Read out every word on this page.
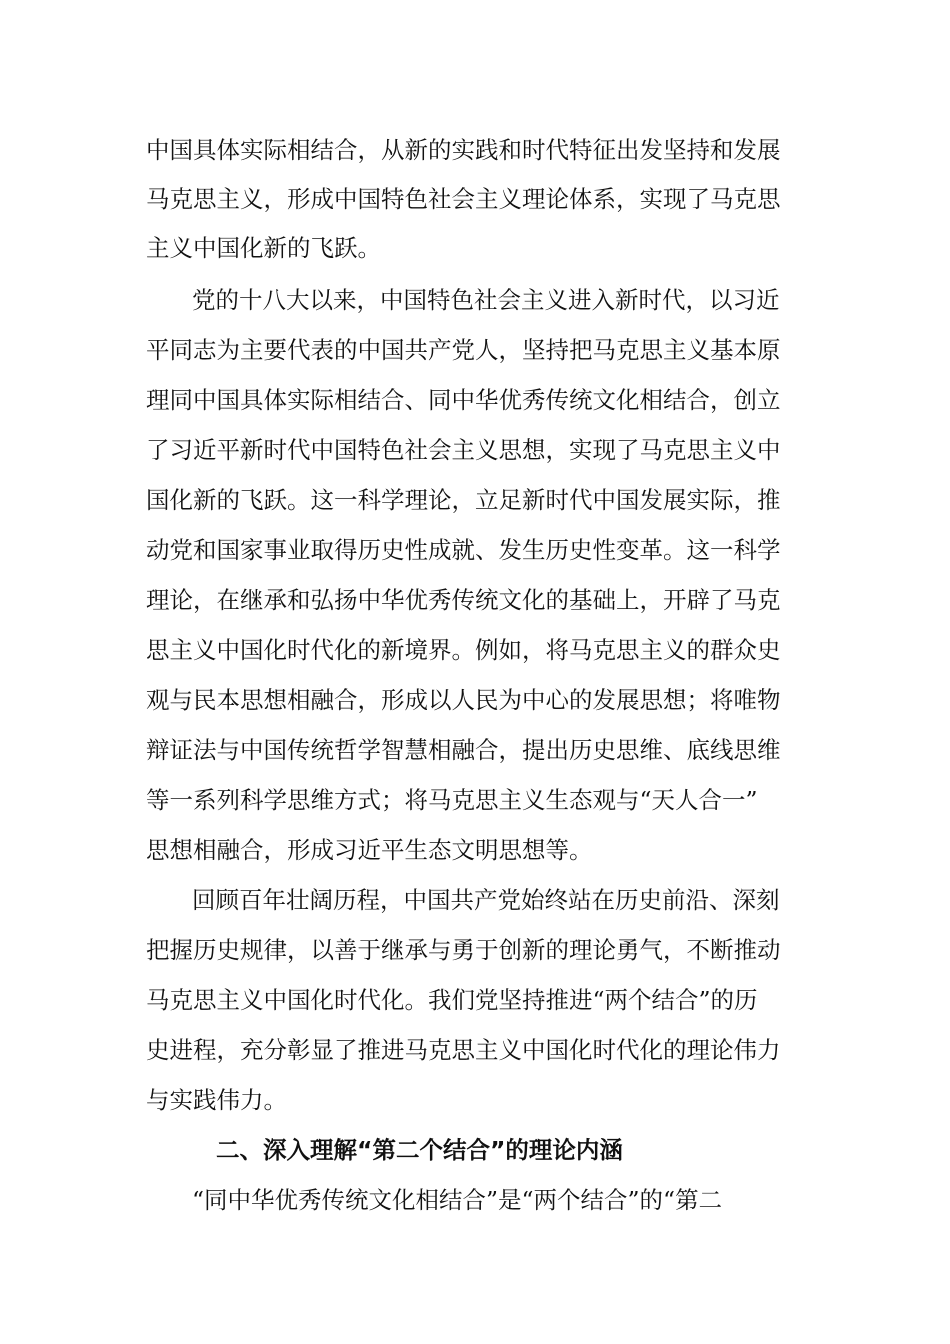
中国具体实际相结合，从新的实践和时代特征出发坚持和发展
马克思主义，形成中国特色社会主义理论体系，实现了马克思
主义中国化新的飞跃。
党的十八大以来，中国特色社会主义进入新时代，以习近
平同志为主要代表的中国共产党人，坚持把马克思主义基本原
理同中国具体实际相结合、同中华优秀传统文化相结合，创立
了习近平新时代中国特色社会主义思想，实现了马克思主义中
国化新的飞跃。这一科学理论，立足新时代中国发展实际，推
动党和国家事业取得历史性成就、发生历史性变革。这一科学
理论，在继承和弘扬中华优秀传统文化的基础上，开辟了马克
思主义中国化时代化的新境界。例如，将马克思主义的群众史
观与民本思想相融合，形成以人民为中心的发展思想；将唯物
辩证法与中国传统哲学智慧相融合，提出历史思维、底线思维
等一系列科学思维方式；将马克思主义生态观与“天人合一”
思想相融合，形成习近平生态文明思想等。
回顾百年壮阔历程，中国共产党始终站在历史前沿、深刻
把握历史规律，以善于继承与勇于创新的理论勇气，不断推动
马克思主义中国化时代化。我们党坚持推进“两个结合”的历
史进程，充分彰显了推进马克思主义中国化时代化的理论伟力
与实践伟力。
二、深入理解“第二个结合”的理论内涵
“同中华优秀传统文化相结合”是“两个结合”的“第二
